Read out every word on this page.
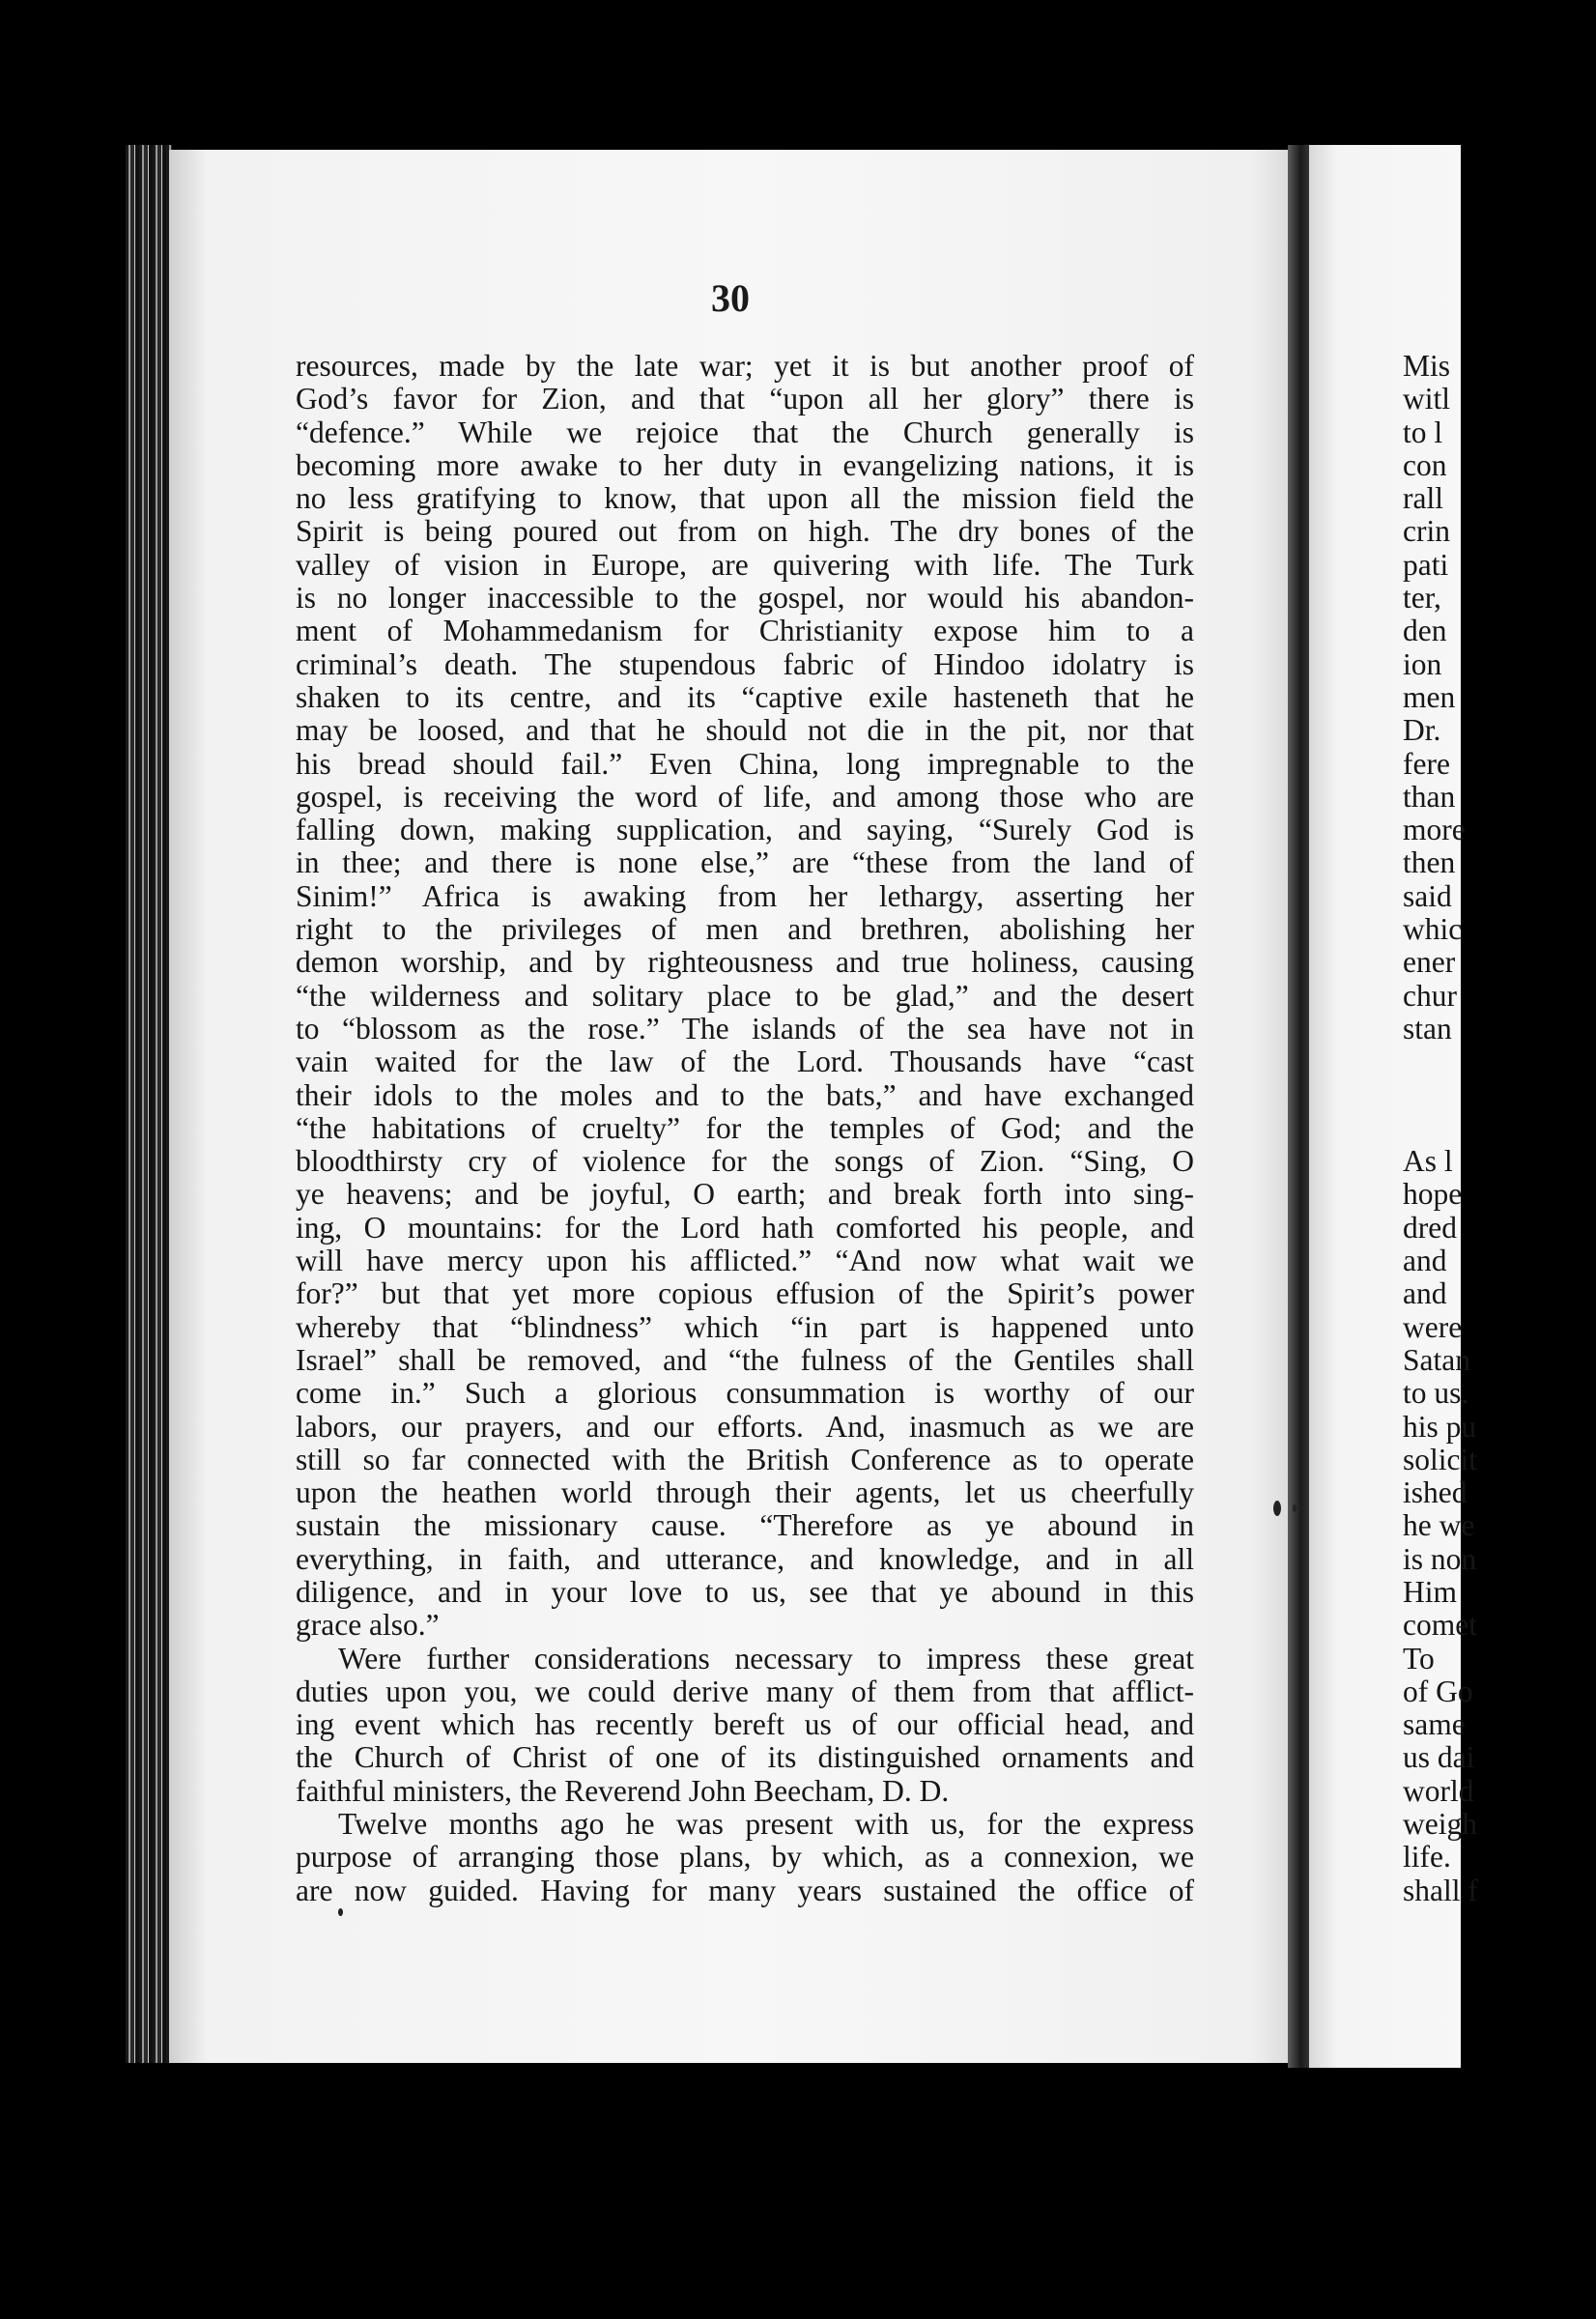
30
resources, made by the late war; yet it is but another proof of
God’s favor for Zion, and that “upon all her glory” there is
“defence.” While we rejoice that the Church generally is
becoming more awake to her duty in evangelizing nations, it is
no less gratifying to know, that upon all the mission field the
Spirit is being poured out from on high. The dry bones of the
valley of vision in Europe, are quivering with life. The Turk
is no longer inaccessible to the gospel, nor would his abandon-
ment of Mohammedanism for Christianity expose him to a
criminal’s death. The stupendous fabric of Hindoo idolatry is
shaken to its centre, and its “captive exile hasteneth that he
may be loosed, and that he should not die in the pit, nor that
his bread should fail.” Even China, long impregnable to the
gospel, is receiving the word of life, and among those who are
falling down, making supplication, and saying, “Surely God is
in thee; and there is none else,” are “these from the land of
Sinim!” Africa is awaking from her lethargy, asserting her
right to the privileges of men and brethren, abolishing her
demon worship, and by righteousness and true holiness, causing
“the wilderness and solitary place to be glad,” and the desert
to “blossom as the rose.” The islands of the sea have not in
vain waited for the law of the Lord. Thousands have “cast
their idols to the moles and to the bats,” and have exchanged
“the habitations of cruelty” for the temples of God; and the
bloodthirsty cry of violence for the songs of Zion. “Sing, O
ye heavens; and be joyful, O earth; and break forth into sing-
ing, O mountains: for the Lord hath comforted his people, and
will have mercy upon his afflicted.” “And now what wait we
for?” but that yet more copious effusion of the Spirit’s power
whereby that “blindness” which “in part is happened unto
Israel” shall be removed, and “the fulness of the Gentiles shall
come in.” Such a glorious consummation is worthy of our
labors, our prayers, and our efforts. And, inasmuch as we are
still so far connected with the British Conference as to operate
upon the heathen world through their agents, let us cheerfully
sustain the missionary cause. “Therefore as ye abound in
everything, in faith, and utterance, and knowledge, and in all
diligence, and in your love to us, see that ye abound in this
grace also.”
Were further considerations necessary to impress these great
duties upon you, we could derive many of them from that afflict-
ing event which has recently bereft us of our official head, and
the Church of Christ of one of its distinguished ornaments and
faithful ministers, the Reverend John Beecham, D. D.
Twelve months ago he was present with us, for the express
purpose of arranging those plans, by which, as a connexion, we
are now guided. Having for many years sustained the office of
Mis
witl
to l
con
rall
crin
pati
ter,
den
ion
men
Dr.
fere
than
more
then
said
whic
ener
chur
stan
As l
hope
dred
and
and
were
Satan
to us.
his pu
solicit
ished
he we
is non
Him
comet
To
of Go
same
us dai
world
weigh
life.
shall f
